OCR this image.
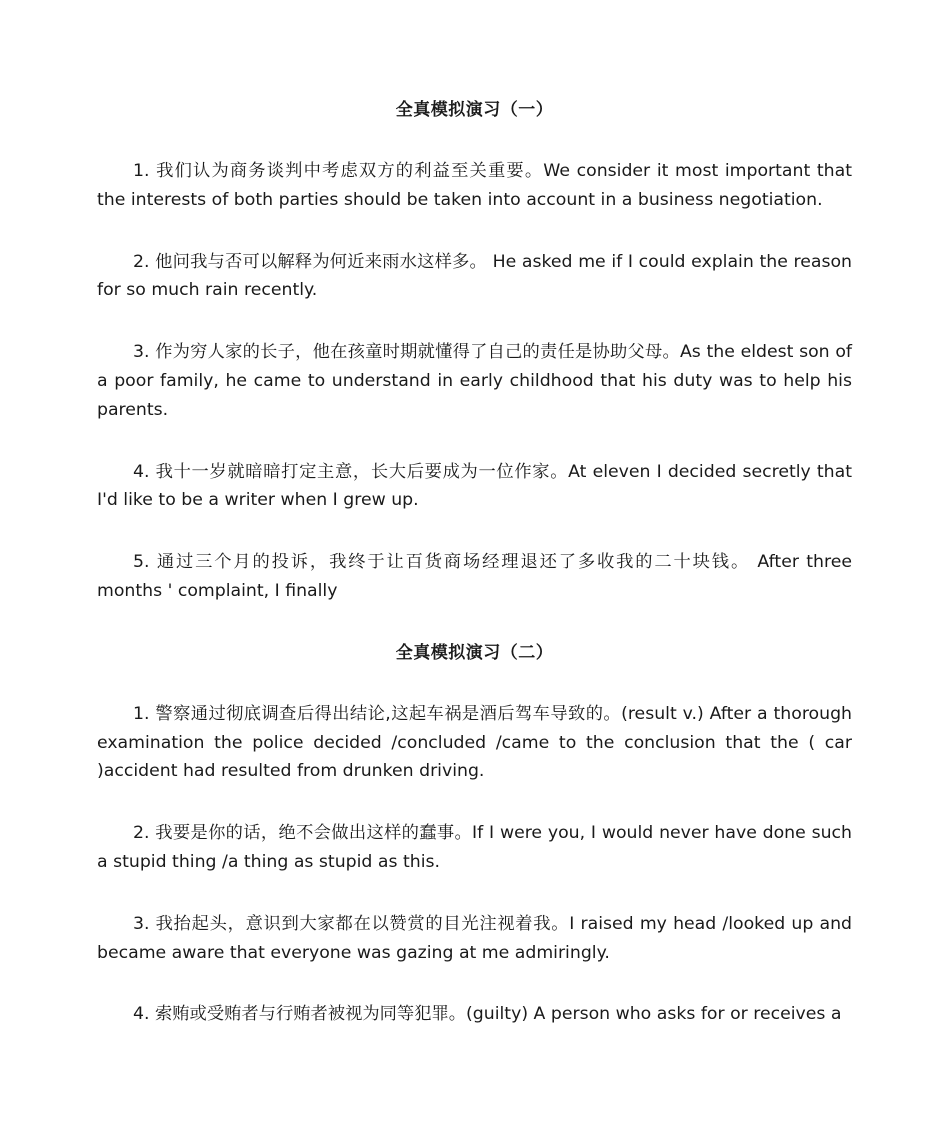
全真模拟演习（一）

1. 我们认为商务谈判中考虑双方的利益至关重要。We consider it most important that the interests of both parties should be taken into account in a business negotiation.

2. 他问我与否可以解释为何近来雨水这样多。 He asked me if I could explain the reason for so much rain recently.

3. 作为穷人家的长子，他在孩童时期就懂得了自己的责任是协助父母。As the eldest son of a poor family, he came to understand in early childhood that his duty was to help his parents.

4. 我十一岁就暗暗打定主意，长大后要成为一位作家。At eleven I decided secretly that I'd like to be a writer when I grew up.

5. 通过三个月的投诉，我终于让百货商场经理退还了多收我的二十块钱。 After three months ' complaint, I finally

全真模拟演习（二）

1. 警察通过彻底调查后得出结论,这起车祸是酒后驾车导致的。(result v.) After a thorough examination the police decided /concluded /came to the conclusion that the ( car )accident had resulted from drunken driving.

2. 我要是你的话，绝不会做出这样的蠢事。If I were you, I would never have done such a stupid thing /a thing as stupid as this.

3. 我抬起头，意识到大家都在以赞赏的目光注视着我。I raised my head /looked up and became aware that everyone was gazing at me admiringly.

4. 索贿或受贿者与行贿者被视为同等犯罪。(guilty) A person who asks for or receives a
